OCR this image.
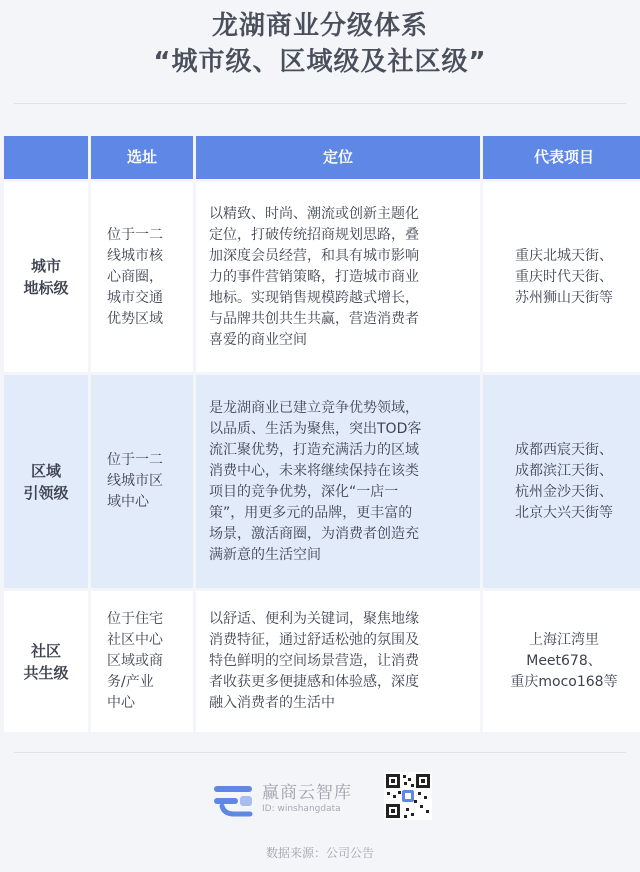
龙湖商业分级体系
“城市级、区域级及社区级”
选址	定位	代表项目
城市
地标级
位于一二
线城市核
心商圈，
城市交通
优势区域
以精致、时尚、潮流或创新主题化
定位，打破传统招商规划思路，叠
加深度会员经营，和具有城市影响
力的事件营销策略，打造城市商业
地标。实现销售规模跨越式增长，
与品牌共创共生共赢，营造消费者
喜爱的商业空间
重庆北城天街、
重庆时代天街、
苏州狮山天街等
区域
引领级
位于一二
线城市区
域中心
是龙湖商业已建立竞争优势领域，
以品质、生活为聚焦，突出TOD客
流汇聚优势，打造充满活力的区域
消费中心，未来将继续保持在该类
项目的竞争优势，深化“一店一
策”，用更多元的品牌，更丰富的
场景，激活商圈，为消费者创造充
满新意的生活空间
成都西宸天街、
成都滨江天街、
杭州金沙天街、
北京大兴天街等
社区
共生级
位于住宅
社区中心
区域或商
务/产业
中心
以舒适、便利为关键词，聚焦地缘
消费特征，通过舒适松弛的氛围及
特色鲜明的空间场景营造，让消费
者收获更多便捷感和体验感，深度
融入消费者的生活中
上海江湾里
Meet678、
重庆moco168等
赢商云智库
ID: winshangdata
数据来源：公司公告
